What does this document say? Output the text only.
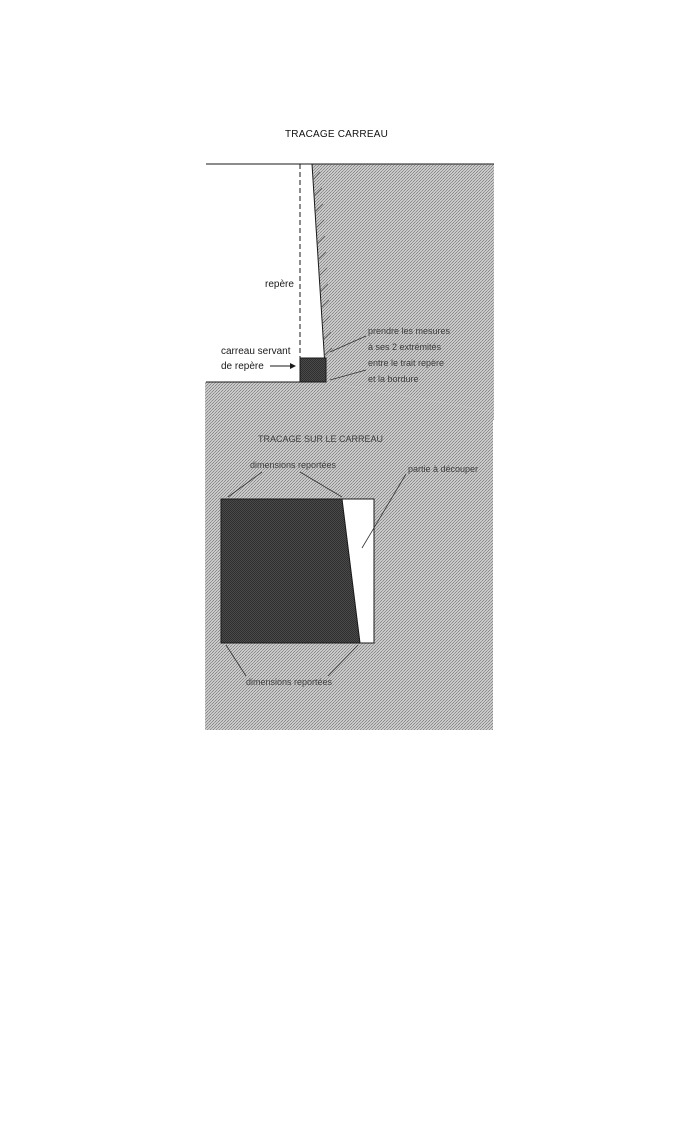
TRACAGE CARREAU
repère
carreau servant
de repère
prendre les mesures
à ses 2 extrémités
entre le trait repère
et la bordure
TRACAGE SUR LE CARREAU
dimensions reportées	partie à découper
dimensions reportées
